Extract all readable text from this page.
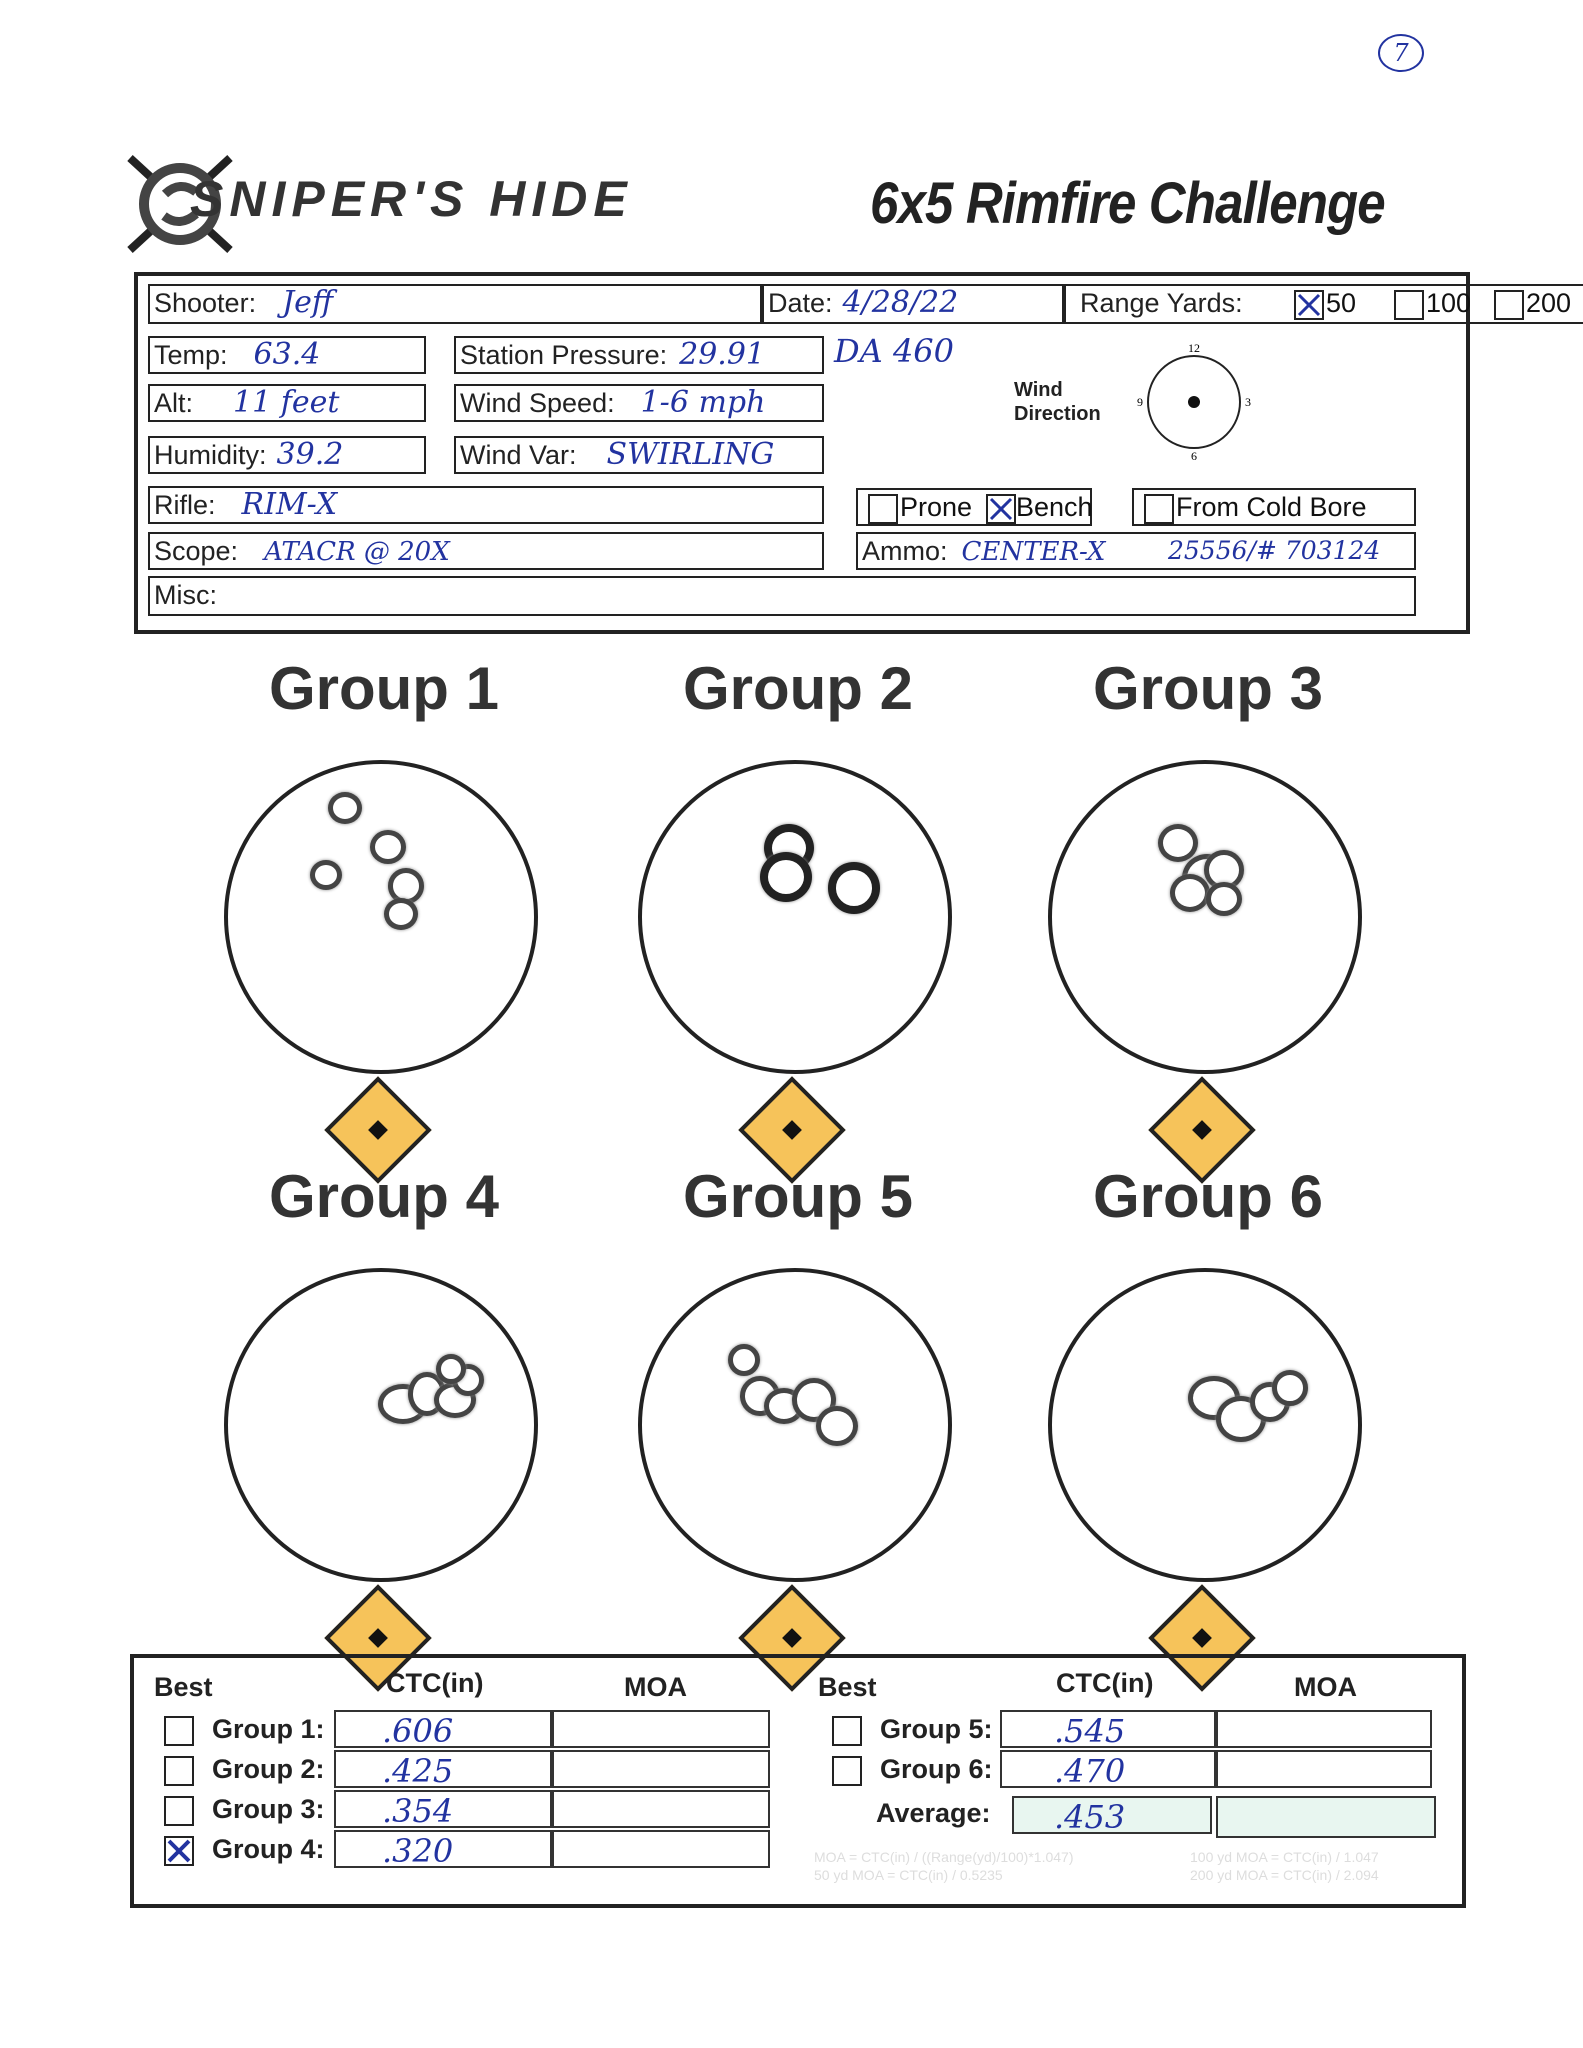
7
SNIPER'S HIDE	6x5 Rimfire Challenge
Shooter: Jeff	Date: 4/28/22	Range Yards:	50	100 200
Temp: 63.4	Station Pressure: 29.91	DA 460
Alt: 11 feet	Wind Speed: 1-6 mph
Humidity: 39.2	Wind Var: SWIRLING
Wind
Direction
12
9	3
6
Rifle: RIM-X	Prone Bench	From Cold Bore
Scope: ATACR @ 20X	Ammo: CENTER-X	25556/# 703124
Misc:
Group 1	Group 2	Group 3
Group 4	Group 5	Group 6
Best	CTC(in)	MOA	Best	CTC(in)	MOA
Group 1:	.606
Group 2:	.425
Group 3:	.354
Group 4:	.320
Group 5:	.545
Group 6:	.470
Average:	.453
MOA = CTC(in) / ((Range(yd)/100)*1.047)
50 yd MOA = CTC(in) / 0.5235
100 yd MOA = CTC(in) / 1.047
200 yd MOA = CTC(in) / 2.094
